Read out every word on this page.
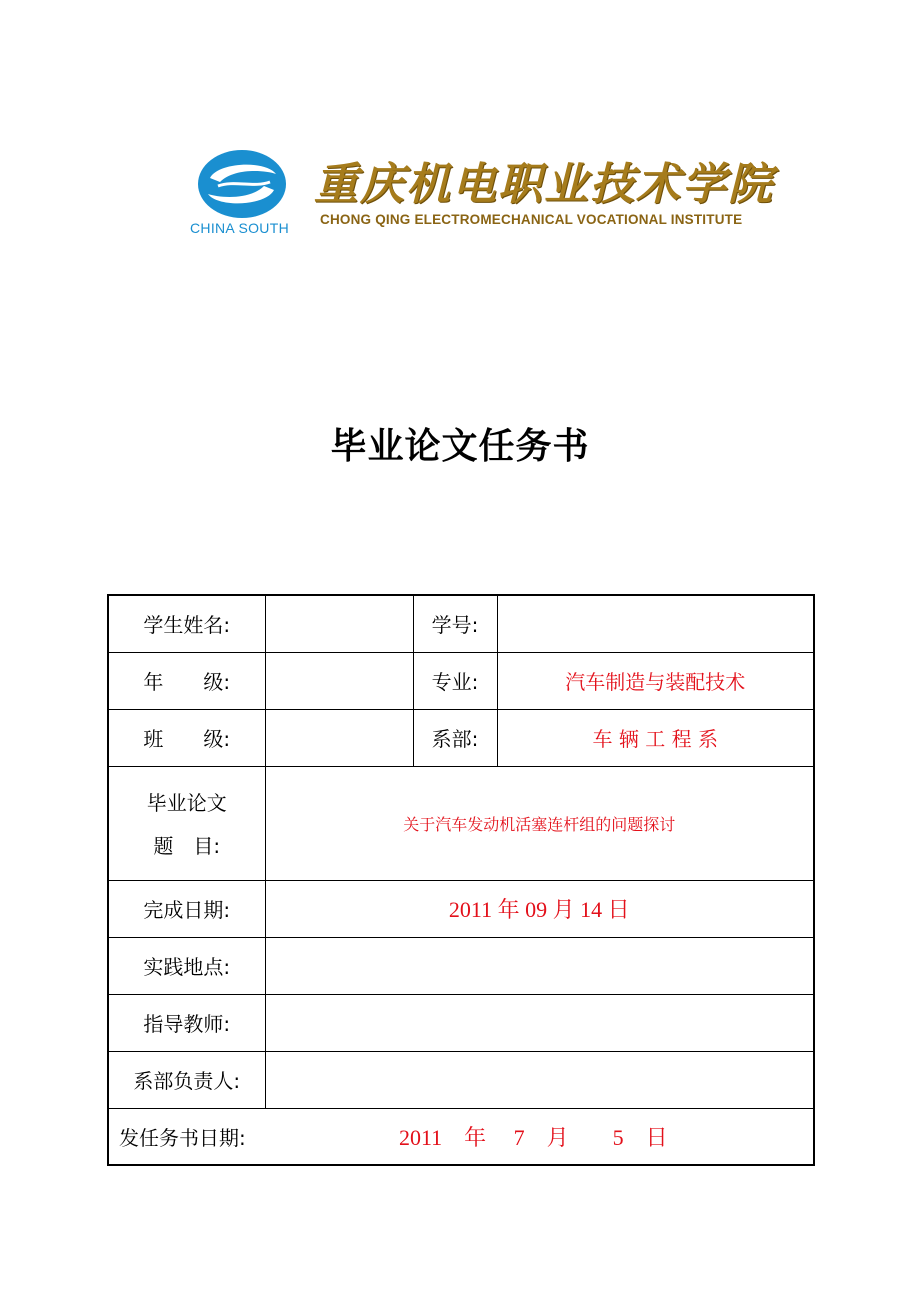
CHINA SOUTH
重庆机电职业技术学院
CHONG QING ELECTROMECHANICAL VOCATIONAL INSTITUTE
毕业论文任务书
学生姓名:		学号:	
年　　级:		专业:	汽车制造与装配技术
班　　级:		系部:	车 辆 工 程 系

毕业论文
题　目:	关于汽车发动机活塞连杆组的问题探讨		
完成日期:	2011 年 09 月 14 日		
实践地点:			
指导教师:			
系部负责人:			
发任务书日期: 2011　年　 7　月　　5　日			
